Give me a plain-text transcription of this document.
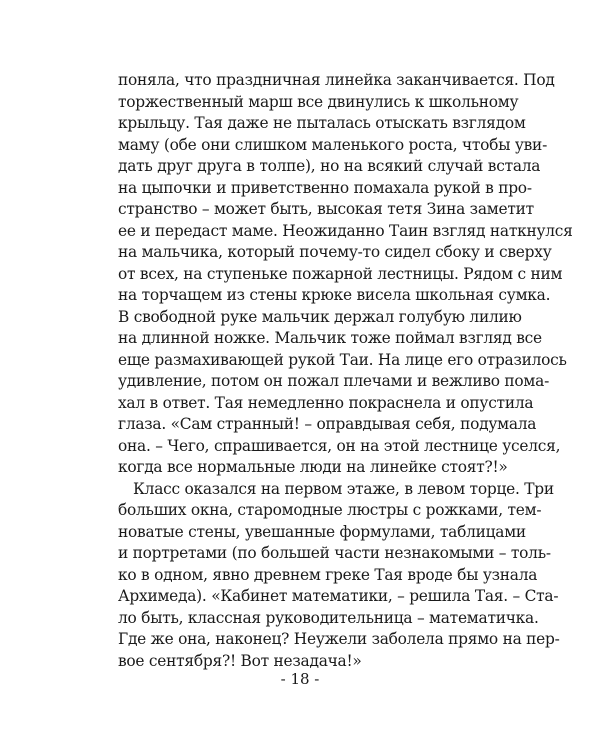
поняла, что праздничная линейка заканчивается. Под
торжественный марш все двинулись к школьному
крыльцу. Тая даже не пыталась отыскать взглядом
маму (обе они слишком маленького роста, чтобы уви-
дать друг друга в толпе), но на всякий случай встала
на цыпочки и приветственно помахала рукой в про-
странство – может быть, высокая тетя Зина заметит
ее и передаст маме. Неожиданно Таин взгляд наткнулся
на мальчика, который почему-то сидел сбоку и сверху
от всех, на ступеньке пожарной лестницы. Рядом с ним
на торчащем из стены крюке висела школьная сумка.
В свободной руке мальчик держал голубую лилию
на длинной ножке. Мальчик тоже поймал взгляд все
еще размахивающей рукой Таи. На лице его отразилось
удивление, потом он пожал плечами и вежливо пома-
хал в ответ. Тая немедленно покраснела и опустила
глаза. «Сам странный! – оправдывая себя, подумала
она. – Чего, спрашивается, он на этой лестнице уселся,
когда все нормальные люди на линейке стоят?!»
Класс оказался на первом этаже, в левом торце. Три
больших окна, старомодные люстры с рожками, тем-
новатые стены, увешанные формулами, таблицами
и портретами (по большей части незнакомыми – толь-
ко в одном, явно древнем греке Тая вроде бы узнала
Архимеда). «Кабинет математики, – решила Тая. – Ста-
ло быть, классная руководительница – математичка.
Где же она, наконец? Неужели заболела прямо на пер-
вое сентября?! Вот незадача!»
- 18 -
